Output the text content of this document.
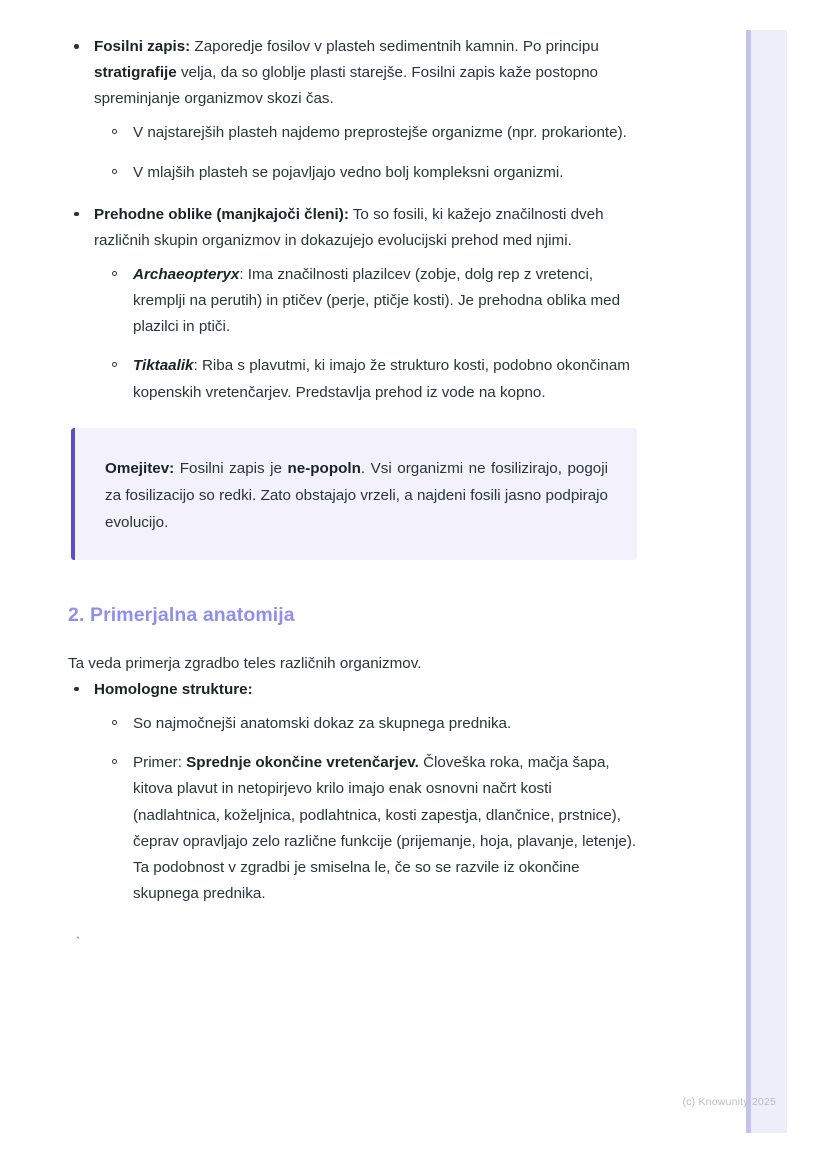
Fosilni zapis: Zaporedje fosilov v plasteh sedimentnih kamnin. Po principu stratigrafije velja, da so globlje plasti starejše. Fosilni zapis kaže postopno spreminjanje organizmov skozi čas.
V najstarejših plasteh najdemo preprostejše organizme (npr. prokarionte).
V mlajših plasteh se pojavljajo vedno bolj kompleksni organizmi.
Prehodne oblike (manjkajoči členi): To so fosili, ki kažejo značilnosti dveh različnih skupin organizmov in dokazujejo evolucijski prehod med njimi.
Archaeopteryx: Ima značilnosti plazilcev (zobje, dolg rep z vretenci, kremplji na perutih) in ptičev (perje, ptičje kosti). Je prehodna oblika med plazilci in ptiči.
Tiktaalik: Riba s plavutmi, ki imajo že strukturo kosti, podobno okončinam kopenskih vretenčarjev. Predstavlja prehod iz vode na kopno.
Omejitev: Fosilni zapis je ne-popoln. Vsi organizmi ne fosilizirajo, pogoji za fosilizacijo so redki. Zato obstajajo vrzeli, a najdeni fosili jasno podpirajo evolucijo.
2. Primerjalna anatomija

Ta veda primerja zgradbo teles različnih organizmov.

Homologne strukture:
So najmočnejši anatomski dokaz za skupnega prednika.
Primer: Sprednje okončine vretenčarjev. Človeška roka, mačja šapa, kitova plavut in netopirjevo krilo imajo enak osnovni načrt kosti (nadlahtnica, koželjnica, podlahtnica, kosti zapestja, dlančnice, prstnice), čeprav opravljajo zelo različne funkcije (prijemanje, hoja, plavanje, letenje). Ta podobnost v zgradbi je smiselna le, če so se razvile iz okončine skupnega prednika.
`
(c) Knowunity 2025
